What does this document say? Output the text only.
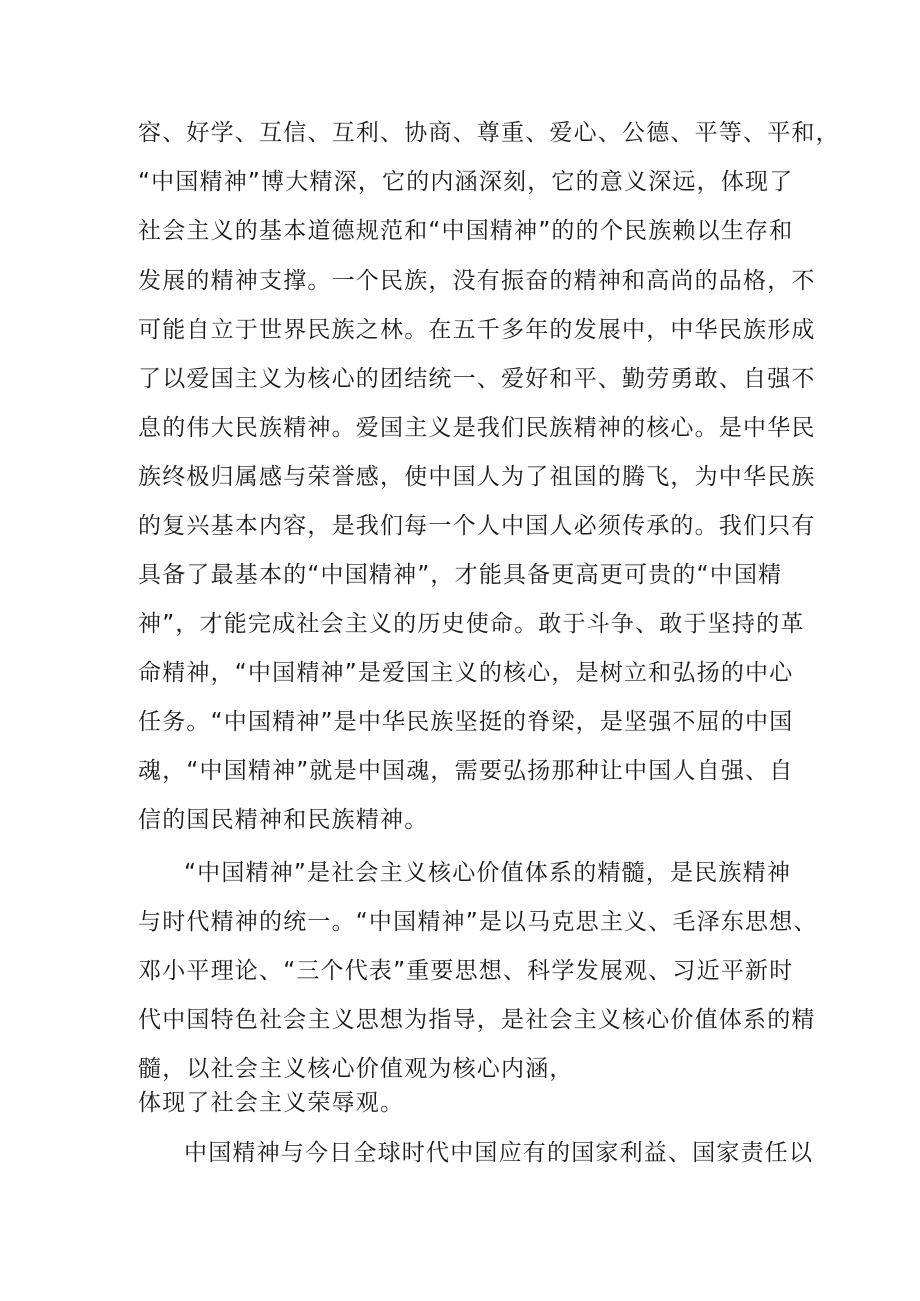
容、好学、互信、互利、协商、尊重、爱心、公德、平等、平和，
“中国精神”博大精深，它的内涵深刻，它的意义深远，体现了
社会主义的基本道德规范和“中国精神”的的个民族赖以生存和
发展的精神支撑。一个民族，没有振奋的精神和高尚的品格，不
可能自立于世界民族之林。在五千多年的发展中，中华民族形成
了以爱国主义为核心的团结统一、爱好和平、勤劳勇敢、自强不
息的伟大民族精神。爱国主义是我们民族精神的核心。是中华民
族终极归属感与荣誉感，使中国人为了祖国的腾飞，为中华民族
的复兴基本内容，是我们每一个人中国人必须传承的。我们只有
具备了最基本的“中国精神”，才能具备更高更可贵的“中国精
神”，才能完成社会主义的历史使命。敢于斗争、敢于坚持的革
命精神，“中国精神”是爱国主义的核心，是树立和弘扬的中心
任务。“中国精神”是中华民族坚挺的脊梁，是坚强不屈的中国
魂，“中国精神”就是中国魂，需要弘扬那种让中国人自强、自
信的国民精神和民族精神。
“中国精神”是社会主义核心价值体系的精髓，是民族精神
与时代精神的统一。“中国精神”是以马克思主义、毛泽东思想、
邓小平理论、“三个代表”重要思想、科学发展观、习近平新时
代中国特色社会主义思想为指导，是社会主义核心价值体系的精
髓，以社会主义核心价值观为核心内涵，
体现了社会主义荣辱观。
中国精神与今日全球时代中国应有的国家利益、国家责任以
